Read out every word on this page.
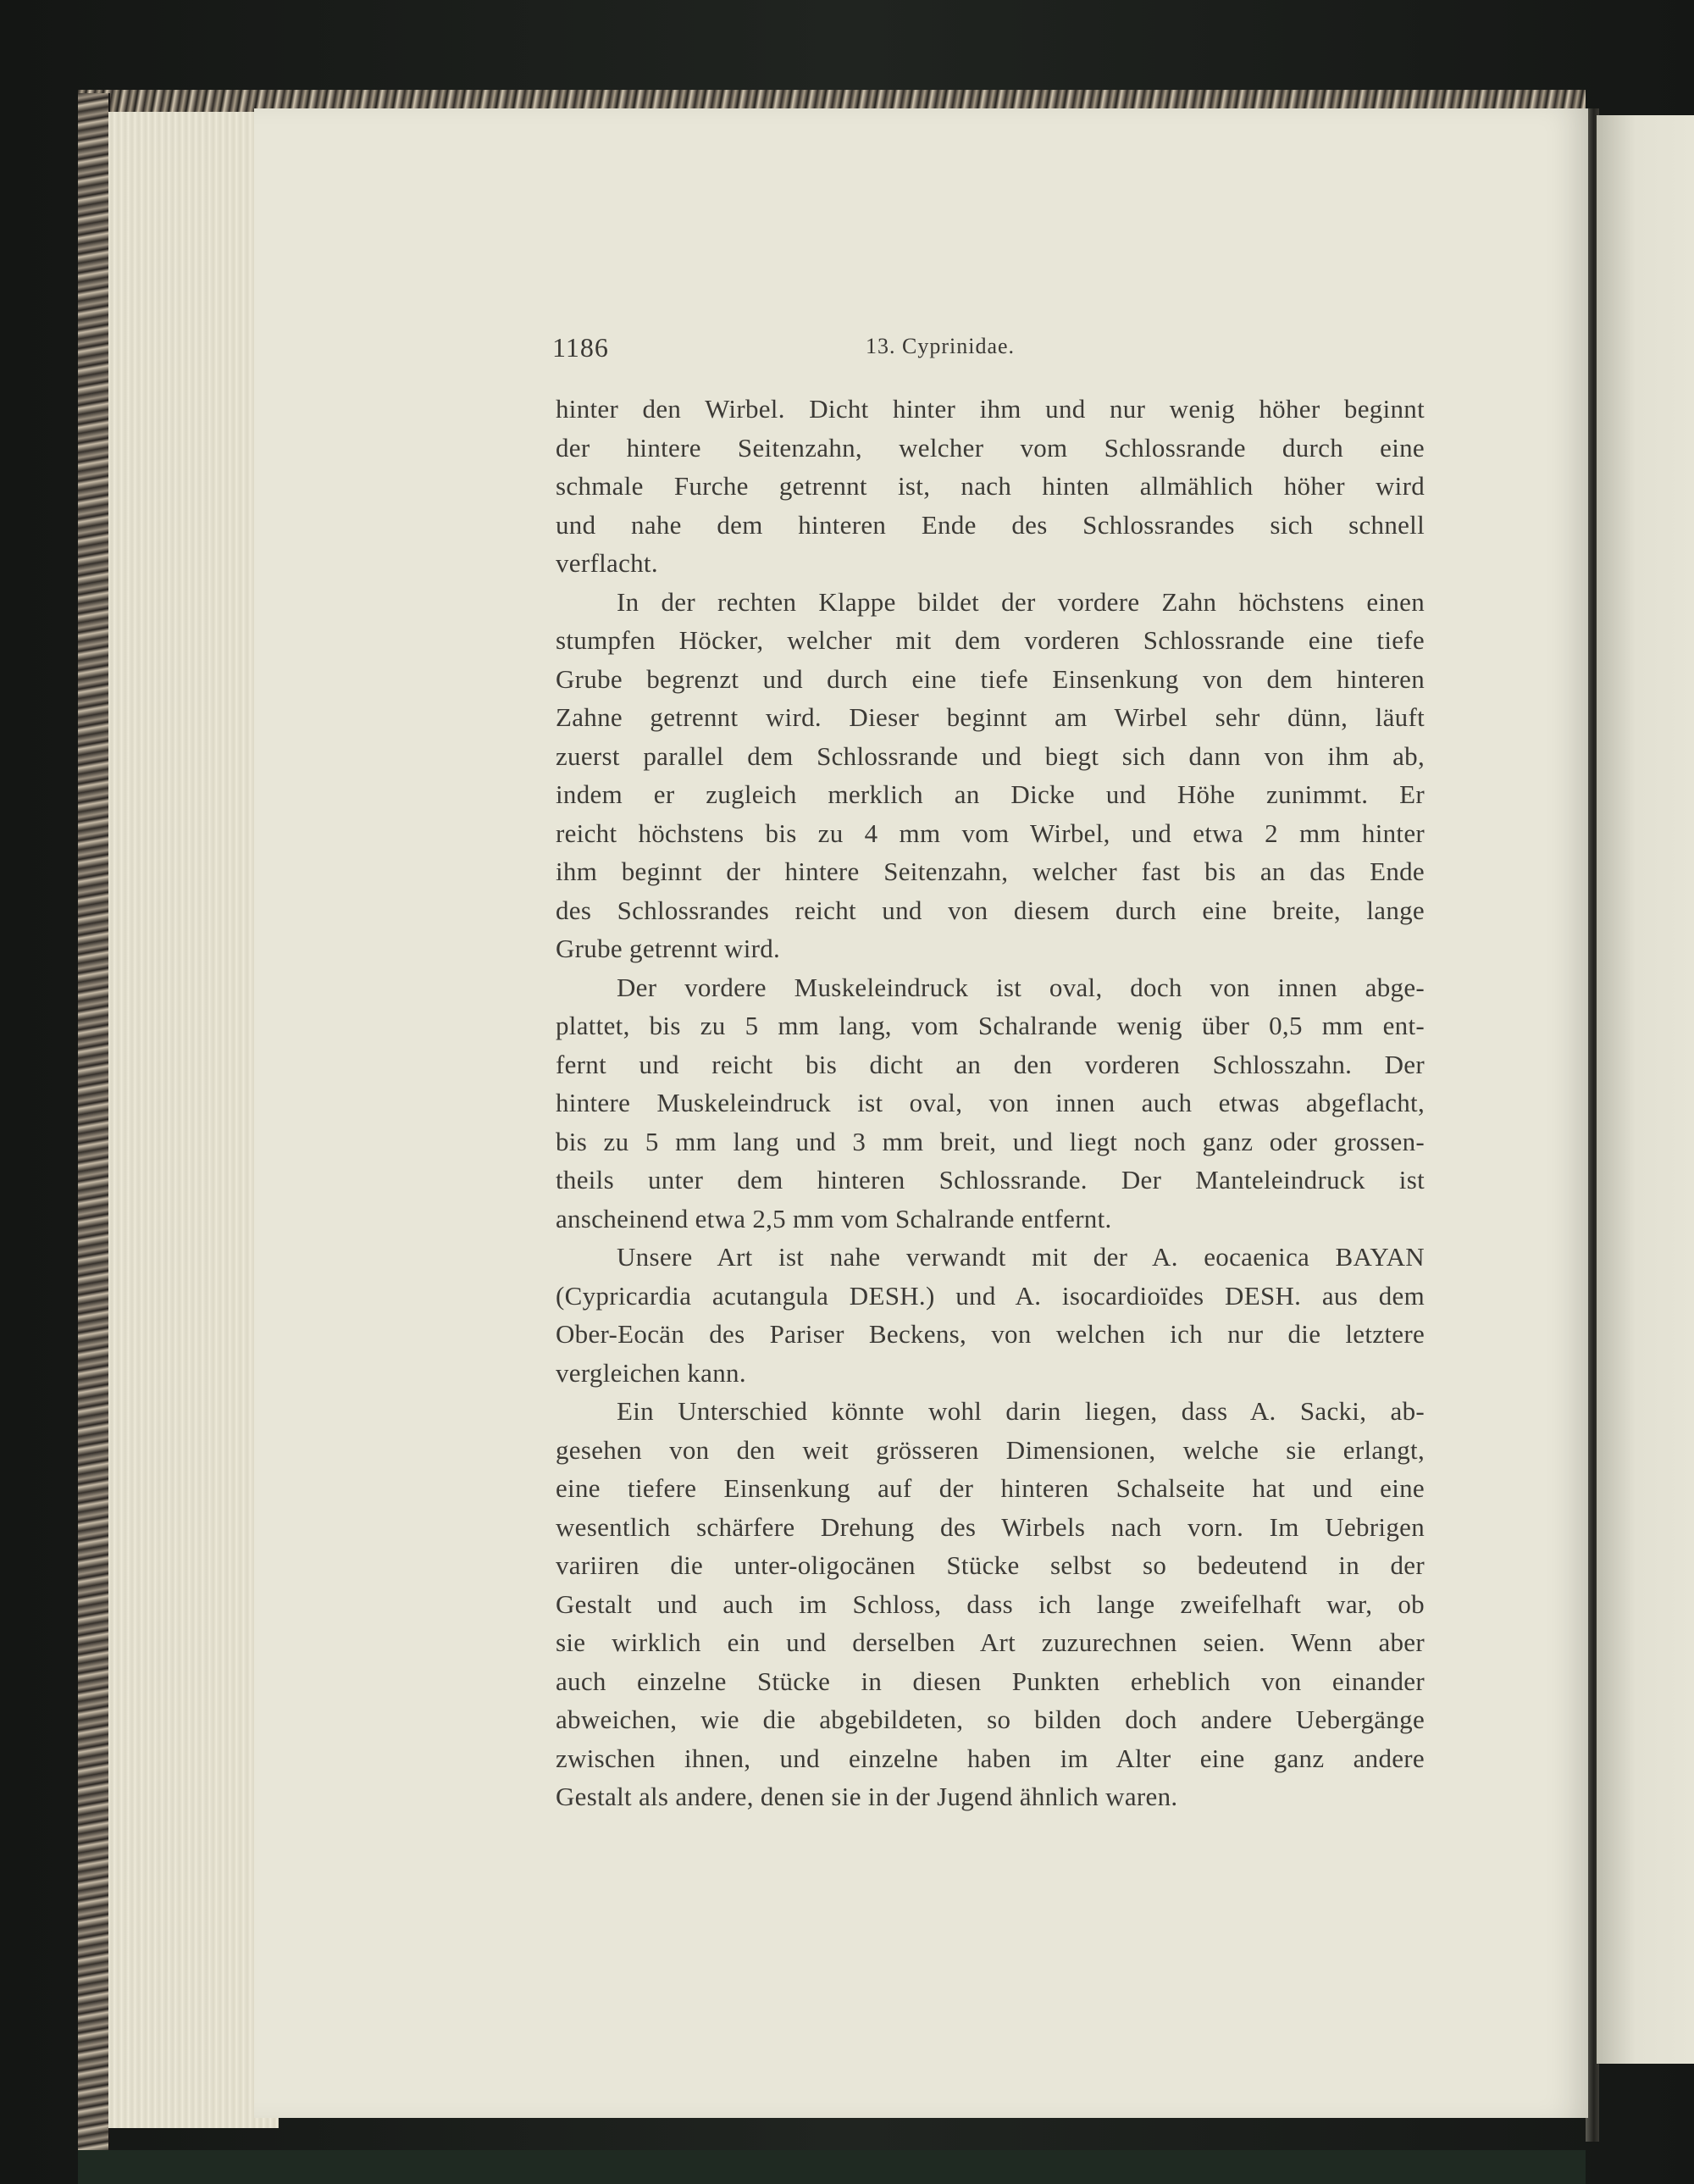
1186	13. Cyprinidae.
hinter den Wirbel. Dicht hinter ihm und nur wenig höher beginnt
der hintere Seitenzahn, welcher vom Schlossrande durch eine
schmale Furche getrennt ist, nach hinten allmählich höher wird
und nahe dem hinteren Ende des Schlossrandes sich schnell
verflacht.
In der rechten Klappe bildet der vordere Zahn höchstens einen
stumpfen Höcker, welcher mit dem vorderen Schlossrande eine tiefe
Grube begrenzt und durch eine tiefe Einsenkung von dem hinteren
Zahne getrennt wird. Dieser beginnt am Wirbel sehr dünn, läuft
zuerst parallel dem Schlossrande und biegt sich dann von ihm ab,
indem er zugleich merklich an Dicke und Höhe zunimmt. Er
reicht höchstens bis zu 4 mm vom Wirbel, und etwa 2 mm hinter
ihm beginnt der hintere Seitenzahn, welcher fast bis an das Ende
des Schlossrandes reicht und von diesem durch eine breite, lange
Grube getrennt wird.
Der vordere Muskeleindruck ist oval, doch von innen abge-
plattet, bis zu 5 mm lang, vom Schalrande wenig über 0,5 mm ent-
fernt und reicht bis dicht an den vorderen Schlosszahn. Der
hintere Muskeleindruck ist oval, von innen auch etwas abgeflacht,
bis zu 5 mm lang und 3 mm breit, und liegt noch ganz oder grossen-
theils unter dem hinteren Schlossrande. Der Manteleindruck ist
anscheinend etwa 2,5 mm vom Schalrande entfernt.
Unsere Art ist nahe verwandt mit der A. eocaenica BAYAN
(Cypricardia acutangula DESH.) und A. isocardioïdes DESH. aus dem
Ober-Eocän des Pariser Beckens, von welchen ich nur die letztere
vergleichen kann.
Ein Unterschied könnte wohl darin liegen, dass A. Sacki, ab-
gesehen von den weit grösseren Dimensionen, welche sie erlangt,
eine tiefere Einsenkung auf der hinteren Schalseite hat und eine
wesentlich schärfere Drehung des Wirbels nach vorn. Im Uebrigen
variiren die unter-oligocänen Stücke selbst so bedeutend in der
Gestalt und auch im Schloss, dass ich lange zweifelhaft war, ob
sie wirklich ein und derselben Art zuzurechnen seien. Wenn aber
auch einzelne Stücke in diesen Punkten erheblich von einander
abweichen, wie die abgebildeten, so bilden doch andere Uebergänge
zwischen ihnen, und einzelne haben im Alter eine ganz andere
Gestalt als andere, denen sie in der Jugend ähnlich waren.
